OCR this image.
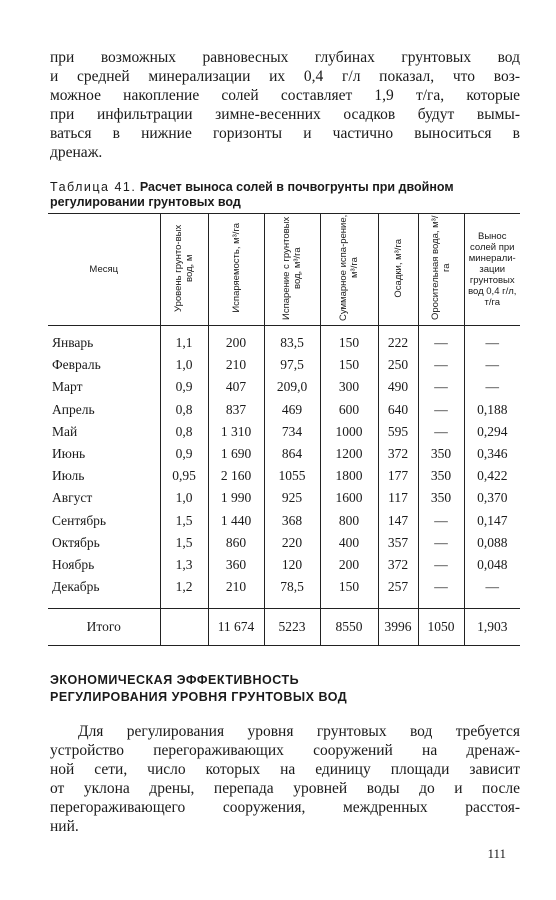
при возможных равновесных глубинах грунтовых вод
и средней минерализации их 0,4 г/л показал, что воз-
можное накопление солей составляет 1,9 т/га, которые
при инфильтрации зимне-весенних осадков будут вымы-
ваться в нижние горизонты и частично выноситься в
дренаж.
Таблица 41. Расчет выноса солей в почвогрунты при двойном регулировании грунтовых вод
Месяц	Уровень грунто-вых вод, м	Испаряемость, м³/га	Испарение с грунтовых вод, м³/га	Суммарное испа-рение, м³/га	Осадки, м³/га	Оросительная вода, м³/га	Вынос солей при минерали-зации грунтовых вод 0,4 г/л, т/га

Январь	1,1	200	83,5	150	222	—	—
Февраль	1,0	210	97,5	150	250	—	—
Март	0,9	407	209,0	300	490	—	—
Апрель	0,8	837	469	600	640	—	0,188
Май	0,8	1 310	734	1000	595	—	0,294
Июнь	0,9	1 690	864	1200	372	350	0,346
Июль	0,95	2 160	1055	1800	177	350	0,422
Август	1,0	1 990	925	1600	117	350	0,370
Сентябрь	1,5	1 440	368	800	147	—	0,147
Октябрь	1,5	860	220	400	357	—	0,088
Ноябрь	1,3	360	120	200	372	—	0,048
Декабрь	1,2	210	78,5	150	257	—	—
Итого		11 674	5223	8550	3996	1050	1,903
ЭКОНОМИЧЕСКАЯ ЭФФЕКТИВНОСТЬ
РЕГУЛИРОВАНИЯ УРОВНЯ ГРУНТОВЫХ ВОД
Для регулирования уровня грунтовых вод требуется
устройство перегораживающих сооружений на дренаж-
ной сети, число которых на единицу площади зависит
от уклона дрены, перепада уровней воды до и после
перегораживающего сооружения, междренных расстоя-
ний.
111
